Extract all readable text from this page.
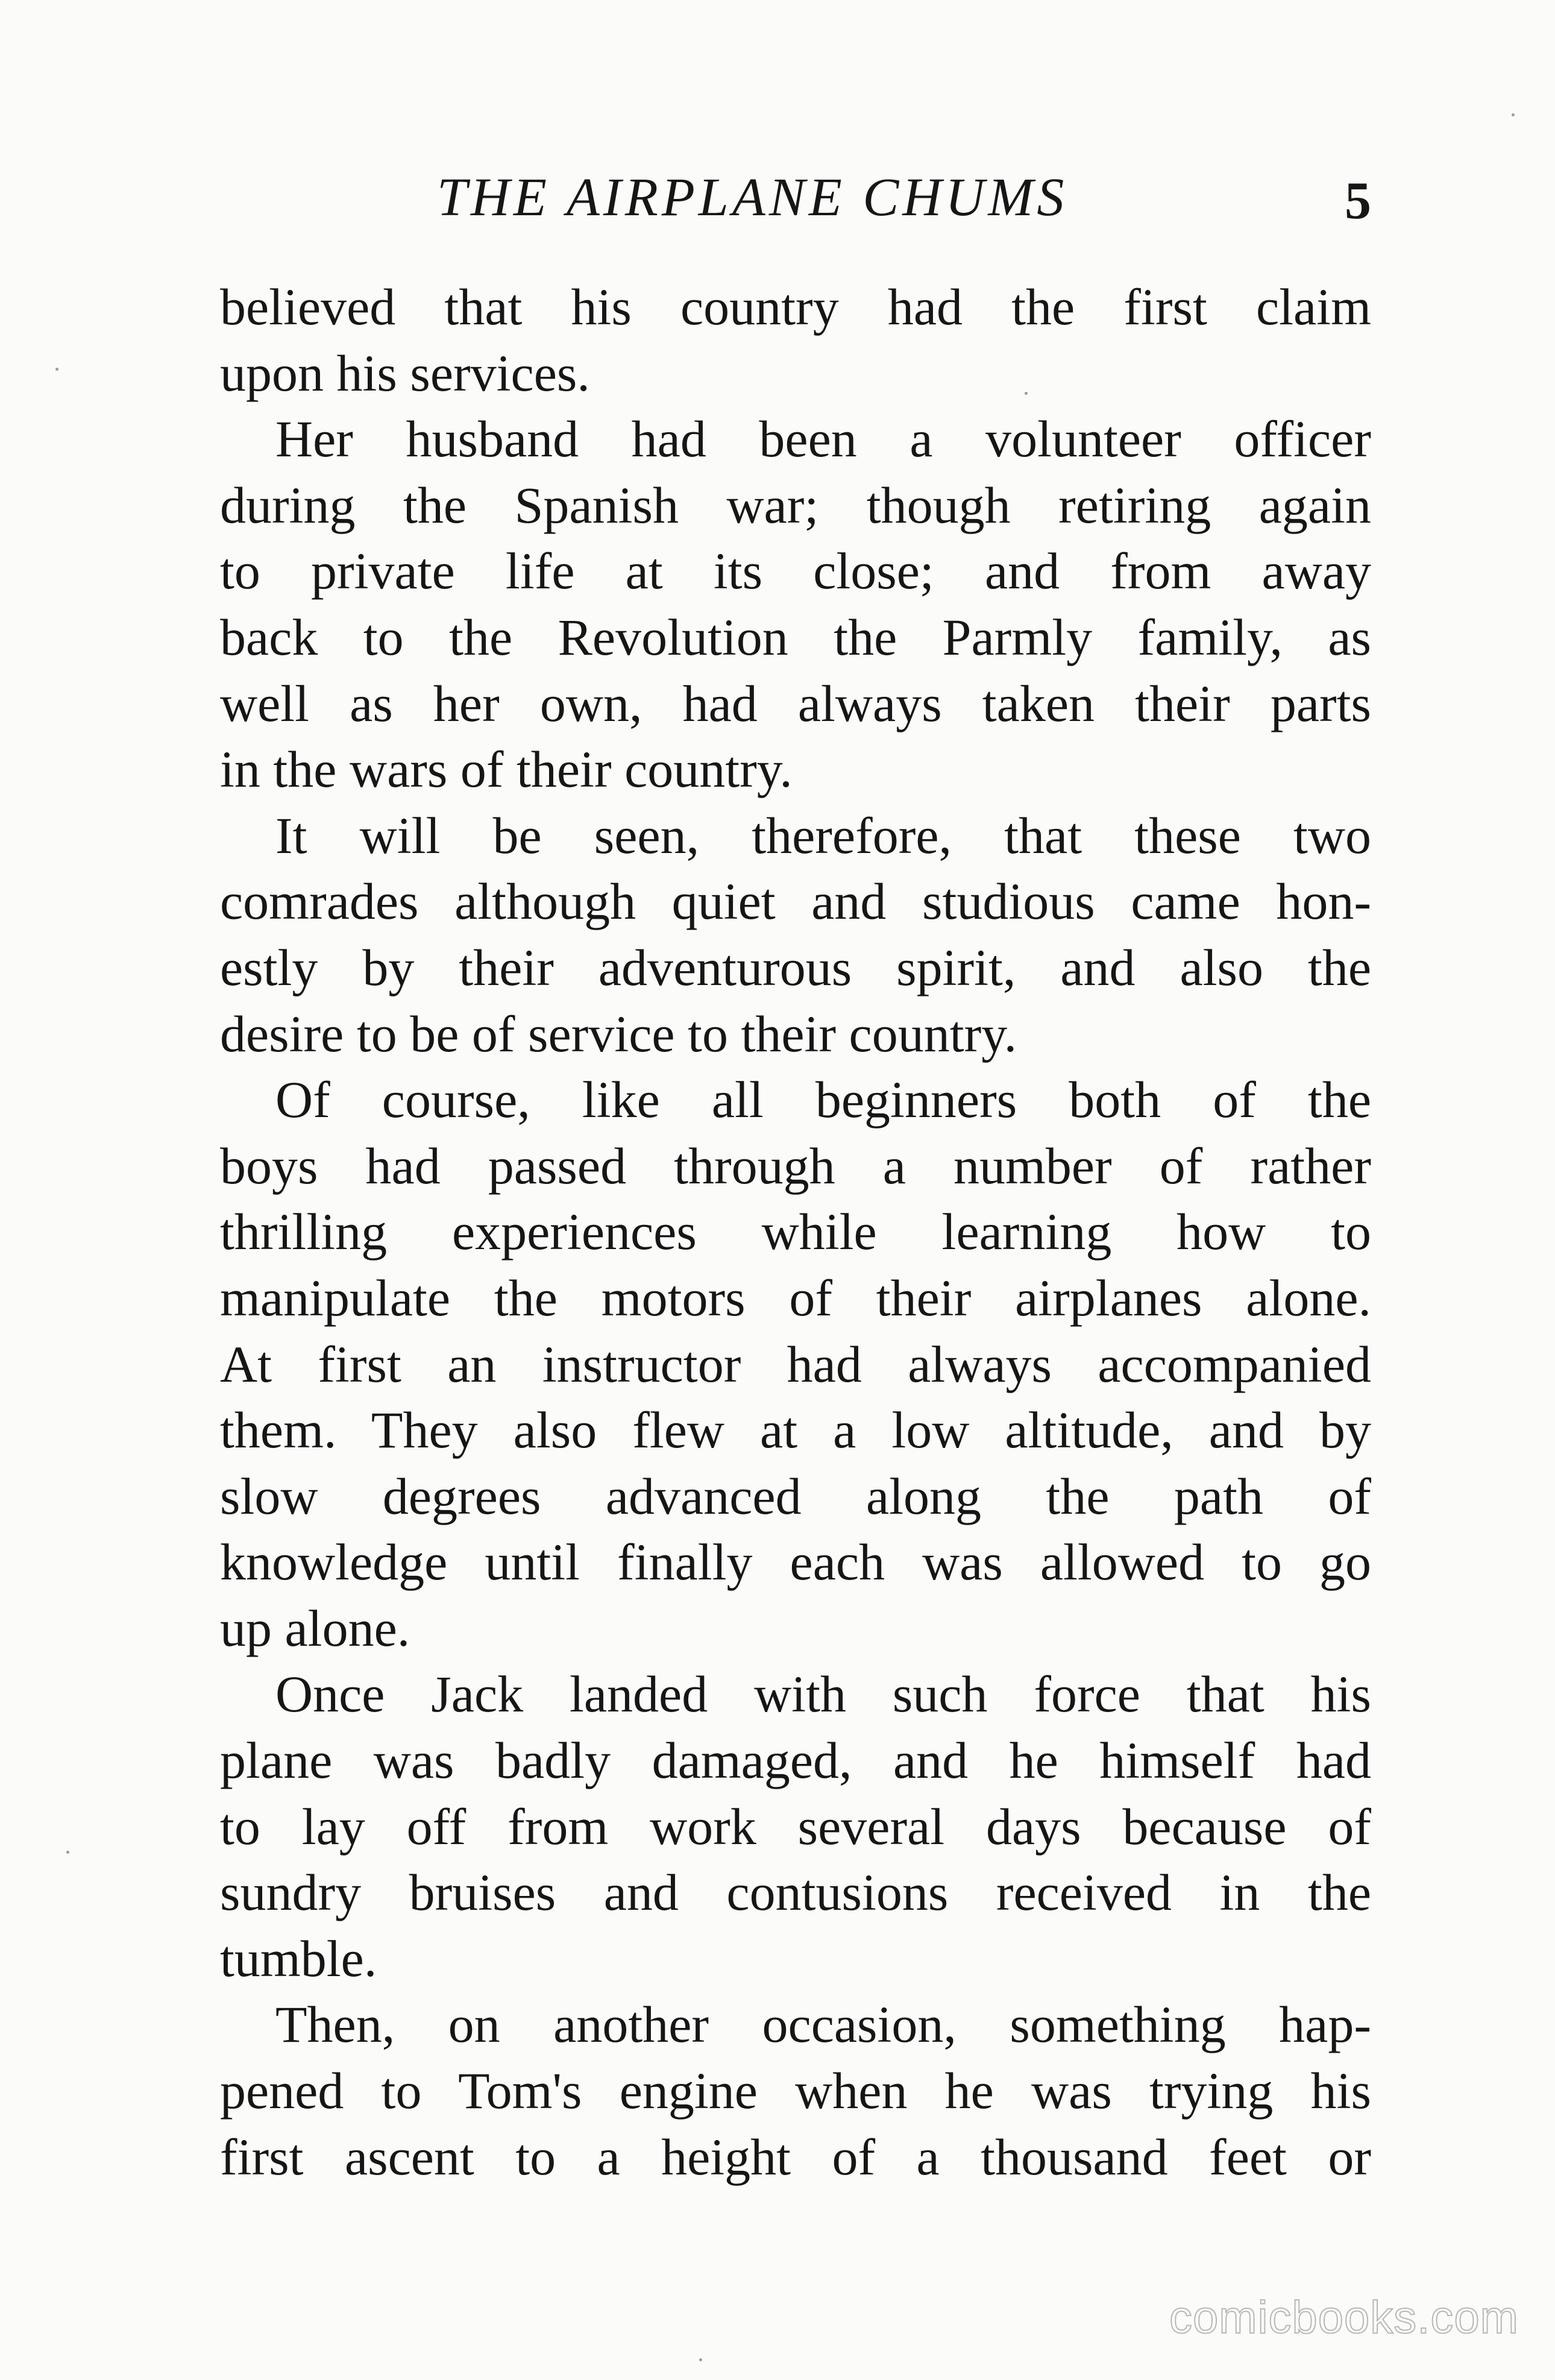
THE AIRPLANE CHUMS	5

believed that his country had the first claim
upon his services.

Her husband had been a volunteer officer
during the Spanish war; though retiring again
to private life at its close; and from away
back to the Revolution the Parmly family, as
well as her own, had always taken their parts
in the wars of their country.

It will be seen, therefore, that these two
comrades although quiet and studious came hon-
estly by their adventurous spirit, and also the
desire to be of service to their country.

Of course, like all beginners both of the
boys had passed through a number of rather
thrilling experiences while learning how to
manipulate the motors of their airplanes alone.
At first an instructor had always accompanied
them. They also flew at a low altitude, and by
slow degrees advanced along the path of
knowledge until finally each was allowed to go
up alone.

Once Jack landed with such force that his
plane was badly damaged, and he himself had
to lay off from work several days because of
sundry bruises and contusions received in the
tumble.

Then, on another occasion, something hap-
pened to Tom's engine when he was trying his
first ascent to a height of a thousand feet or

comicbooks.com
